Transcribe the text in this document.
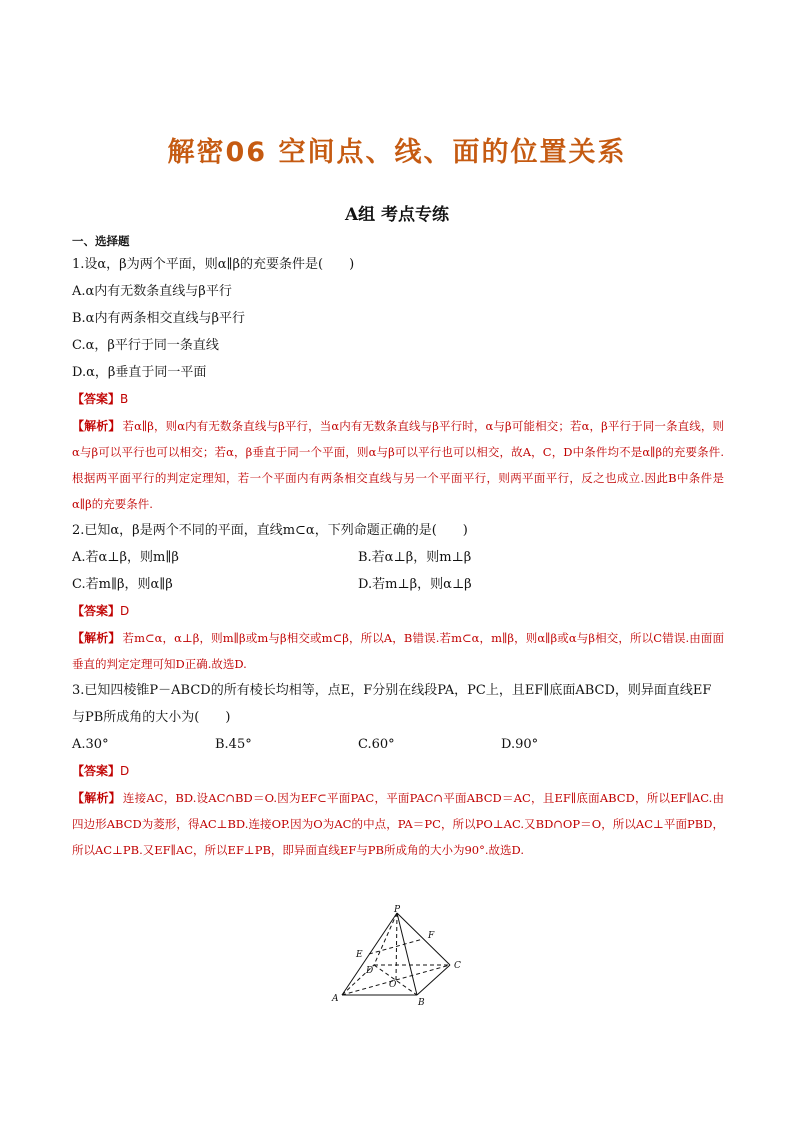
解密06 空间点、线、面的位置关系
A组 考点专练
一、选择题
1.设α，β为两个平面，则α∥β的充要条件是(　　)
A.α内有无数条直线与β平行
B.α内有两条相交直线与β平行
C.α，β平行于同一条直线
D.α，β垂直于同一平面
【答案】B
【解析】 若α∥β，则α内有无数条直线与β平行，当α内有无数条直线与β平行时，α与β可能相交；若α，β平行于同一条直线，则α与β可以平行也可以相交；若α，β垂直于同一个平面，则α与β可以平行也可以相交，故A，C，D中条件均不是α∥β的充要条件.根据两平面平行的判定定理知，若一个平面内有两条相交直线与另一个平面平行，则两平面平行，反之也成立.因此B中条件是α∥β的充要条件.
2.已知α，β是两个不同的平面，直线m⊂α，下列命题正确的是(　　)
A.若α⊥β，则m∥β	B.若α⊥β，则m⊥β
C.若m∥β，则α∥β	D.若m⊥β，则α⊥β
【答案】D
【解析】 若m⊂α，α⊥β，则m∥β或m与β相交或m⊂β，所以A，B错误.若m⊂α，m∥β，则α∥β或α与β相交，所以C错误.由面面垂直的判定定理可知D正确.故选D.
3.已知四棱锥P－ABCD的所有棱长均相等，点E，F分别在线段PA，PC上，且EF∥底面ABCD，则异面直线EF与PB所成角的大小为(　　)
A.30°	B.45°	C.60°	D.90°
【答案】D
【解析】 连接AC，BD.设AC∩BD＝O.因为EF⊂平面PAC，平面PAC∩平面ABCD＝AC，且EF∥底面ABCD，所以EF∥AC.由四边形ABCD为菱形，得AC⊥BD.连接OP.因为O为AC的中点，PA＝PC，所以PO⊥AC.又BD∩OP＝O，所以AC⊥平面PBD，所以AC⊥PB.又EF∥AC，所以EF⊥PB，即异面直线EF与PB所成角的大小为90°.故选D.
P
F
E
D
O
C
A	B
